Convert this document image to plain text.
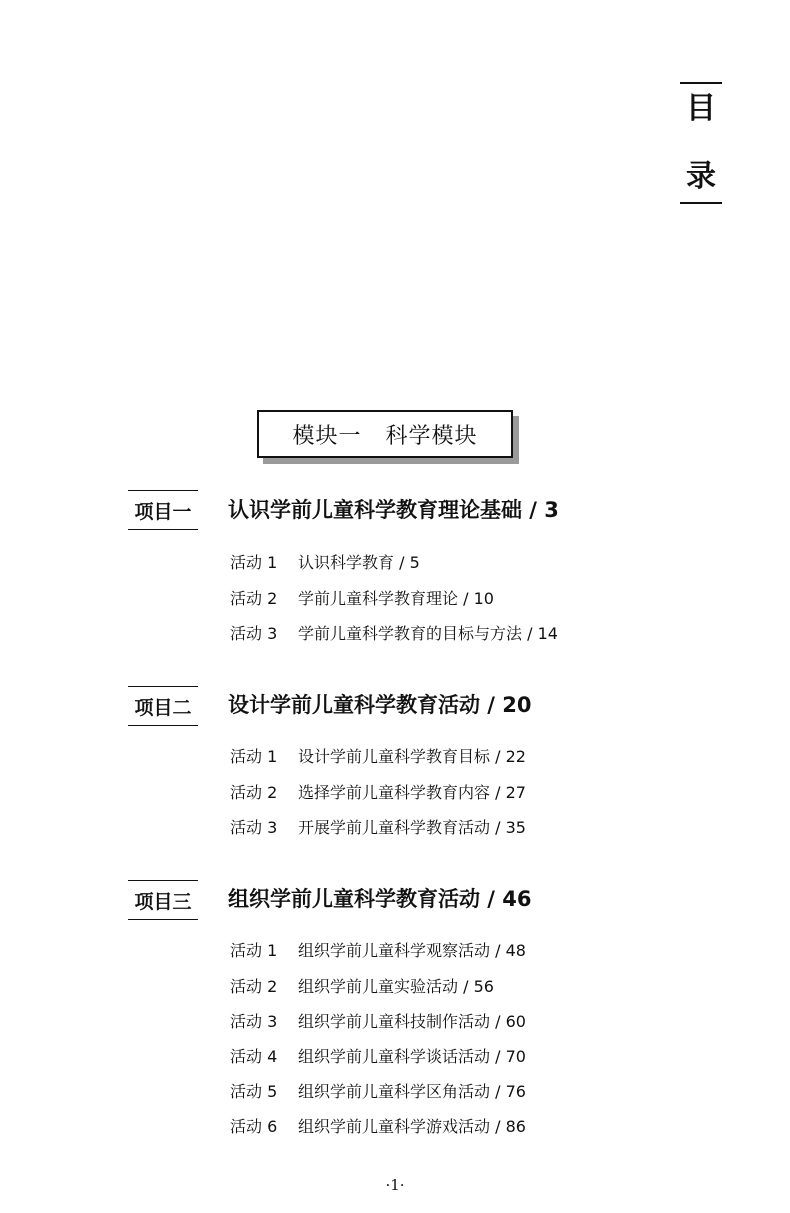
目
录
模块一
科学模块
项目一	认识学前儿童科学教育理论基础 / 3
活动 1	认识科学教育 / 5
活动 2	学前儿童科学教育理论 / 10
活动 3	学前儿童科学教育的目标与方法 / 14
项目二	设计学前儿童科学教育活动 / 20
活动 1	设计学前儿童科学教育目标 / 22
活动 2	选择学前儿童科学教育内容 / 27
活动 3	开展学前儿童科学教育活动 / 35
项目三	组织学前儿童科学教育活动 / 46
活动 1	组织学前儿童科学观察活动 / 48
活动 2	组织学前儿童实验活动 / 56
活动 3	组织学前儿童科技制作活动 / 60
活动 4	组织学前儿童科学谈话活动 / 70
活动 5	组织学前儿童科学区角活动 / 76
活动 6	组织学前儿童科学游戏活动 / 86
·1·
